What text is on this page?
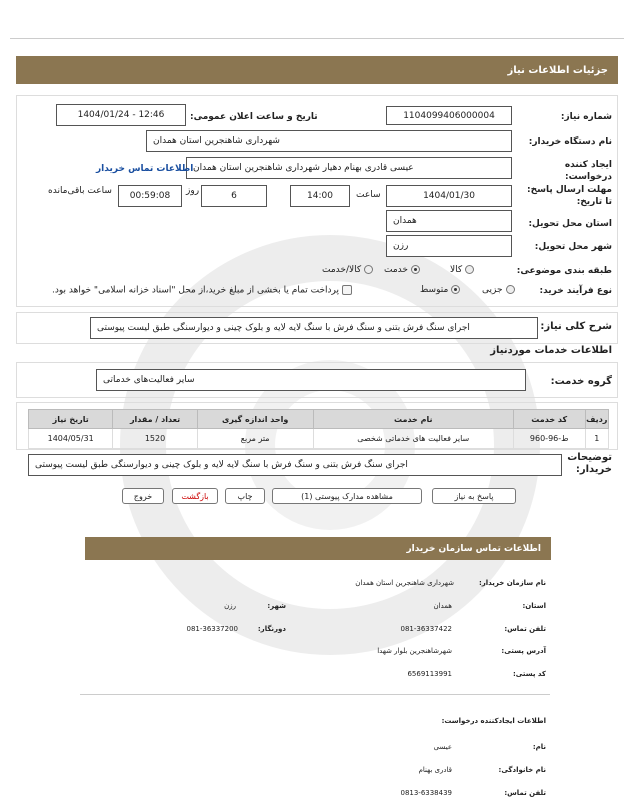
جزئیات اطلاعات نیاز
شماره نیاز:
1104099406000004
تاریخ و ساعت اعلان عمومی:
1404/01/24 - 12:46
نام دستگاه خریدار:
شهرداری شاهنجرین استان همدان
ایجاد کننده درخواست:
عیسی قادری بهنام دهیار شهرداری شاهنجرین استان همدان
اطلاعات تماس خریدار
مهلت ارسال پاسخ: تا تاریخ:
1404/01/30
ساعت
14:00
6
روز
00:59:08
ساعت باقی‌مانده
استان محل تحویل:
همدان
شهر محل تحویل:
رزن
طبقه بندی موضوعی:
کالا
خدمت
کالا/خدمت
نوع فرآیند خرید:
جزیی
متوسط
پرداخت تمام یا بخشی از مبلغ خرید،از محل "اسناد خزانه اسلامی" خواهد بود.
شرح کلی نیاز:
اجرای سنگ فرش بتنی و سنگ فرش با سنگ لایه لایه و بلوک چینی و دیوارسنگی طبق لیست پیوستی
اطلاعات خدمات موردنیاز
گروه خدمت:
سایر فعالیت‌های خدماتی
ردیف	کد خدمت	نام خدمت	واحد اندازه گیری	تعداد / مقدار	تاریخ نیاز
1	ط-96-960	سایر فعالیت های خدماتی شخصی	متر مربع	1520	1404/05/31
توضیحات خریدار:
اجرای سنگ فرش بتنی و سنگ فرش با سنگ لایه لایه و بلوک چینی و دیوارسنگی طبق لیست پیوستی
پاسخ به نیاز
مشاهده مدارک پیوستی (1)
چاپ
بازگشت
خروج
اطلاعات تماس سازمان خریدار
نام سازمان خریدار:
شهرداری شاهنجرین استان همدان
استان:
همدان
شهر:
رزن
تلفن تماس:
081-36337422
دورنگار:
081-36337200
آدرس پستی:
شهرشاهنجرین بلوار شهدا
کد پستی:
6569113991
اطلاعات ایجادکننده درخواست:
نام:
عیسی
نام خانوادگی:
قادری بهنام
تلفن تماس:
0813-6338439
